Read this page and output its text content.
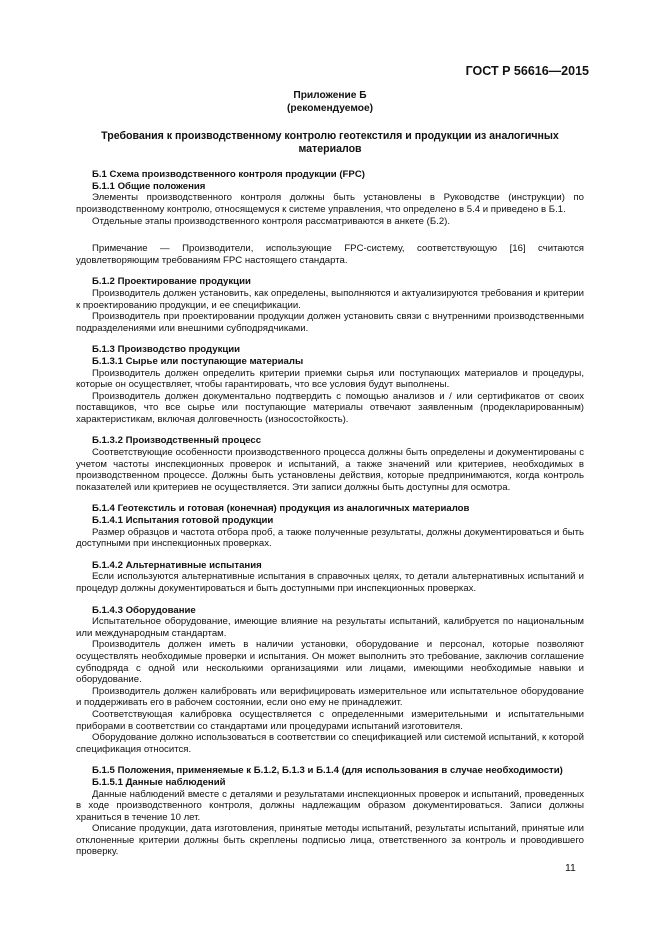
ГОСТ Р 56616—2015
Приложение Б
(рекомендуемое)
Требования к производственному контролю геотекстиля и продукции из аналогичных материалов
Б.1 Схема производственного контроля продукции (FPC)
Б.1.1 Общие положения
Элементы производственного контроля должны быть установлены в Руководстве (инструкции) по производственному контролю, относящемуся к системе управления, что определено в 5.4 и приведено в Б.1.
Отдельные этапы производственного контроля рассматриваются в анкете (Б.2).
Примечание — Производители, использующие FPC-систему, соответствующую [16] считаются удовлетворяющим требованиям FPC настоящего стандарта.
Б.1.2 Проектирование продукции
Производитель должен установить, как определены, выполняются и актуализируются требования и критерии к проектированию продукции, и ее спецификации.
Производитель при проектировании продукции должен установить связи с внутренними производственными подразделениями или внешними субподрядчиками.
Б.1.3 Производство продукции
Б.1.3.1 Сырье или поступающие материалы
Производитель должен определить критерии приемки сырья или поступающих материалов и процедуры, которые он осуществляет, чтобы гарантировать, что все условия будут выполнены.
Производитель должен документально подтвердить с помощью анализов и / или сертификатов от своих поставщиков, что все сырье или поступающие материалы отвечают заявленным (продекларированным) характеристикам, включая долговечность (износостойкость).
Б.1.3.2 Производственный процесс
Соответствующие особенности производственного процесса должны быть определены и документированы с учетом частоты инспекционных проверок и испытаний, а также значений или критериев, необходимых в производственном процессе. Должны быть установлены действия, которые предпринимаются, когда контроль показателей или критериев не осуществляется. Эти записи должны быть доступны для осмотра.
Б.1.4 Геотекстиль и готовая (конечная) продукция из аналогичных материалов
Б.1.4.1 Испытания готовой продукции
Размер образцов и частота отбора проб, а также полученные результаты, должны документироваться и быть доступными при инспекционных проверках.
Б.1.4.2 Альтернативные испытания
Если используются альтернативные испытания в справочных целях, то детали альтернативных испытаний и процедур должны документироваться и быть доступными при инспекционных проверках.
Б.1.4.3 Оборудование
Испытательное оборудование, имеющие влияние на результаты испытаний, калибруется по национальным или международным стандартам.
Производитель должен иметь в наличии установки, оборудование и персонал, которые позволяют осуществлять необходимые проверки и испытания. Он может выполнить это требование, заключив соглашение субподряда с одной или несколькими организациями или лицами, имеющими необходимые навыки и оборудование.
Производитель должен калибровать или верифицировать измерительное или испытательное оборудование и поддерживать его в рабочем состоянии, если оно ему не принадлежит.
Соответствующая калибровка осуществляется с определенными измерительными и испытательными приборами в соответствии со стандартами или процедурами испытаний изготовителя.
Оборудование должно использоваться в соответствии со спецификацией или системой испытаний, к которой спецификация относится.
Б.1.5 Положения, применяемые к Б.1.2, Б.1.3 и Б.1.4 (для использования в случае необходимости)
Б.1.5.1 Данные наблюдений
Данные наблюдений вместе с деталями и результатами инспекционных проверок и испытаний, проведенных в ходе производственного контроля, должны надлежащим образом документироваться. Записи должны храниться в течение 10 лет.
Описание продукции, дата изготовления, принятые методы испытаний, результаты испытаний, принятые или отклоненные критерии должны быть скреплены подписью лица, ответственного за контроль и проводившего проверку.
11
